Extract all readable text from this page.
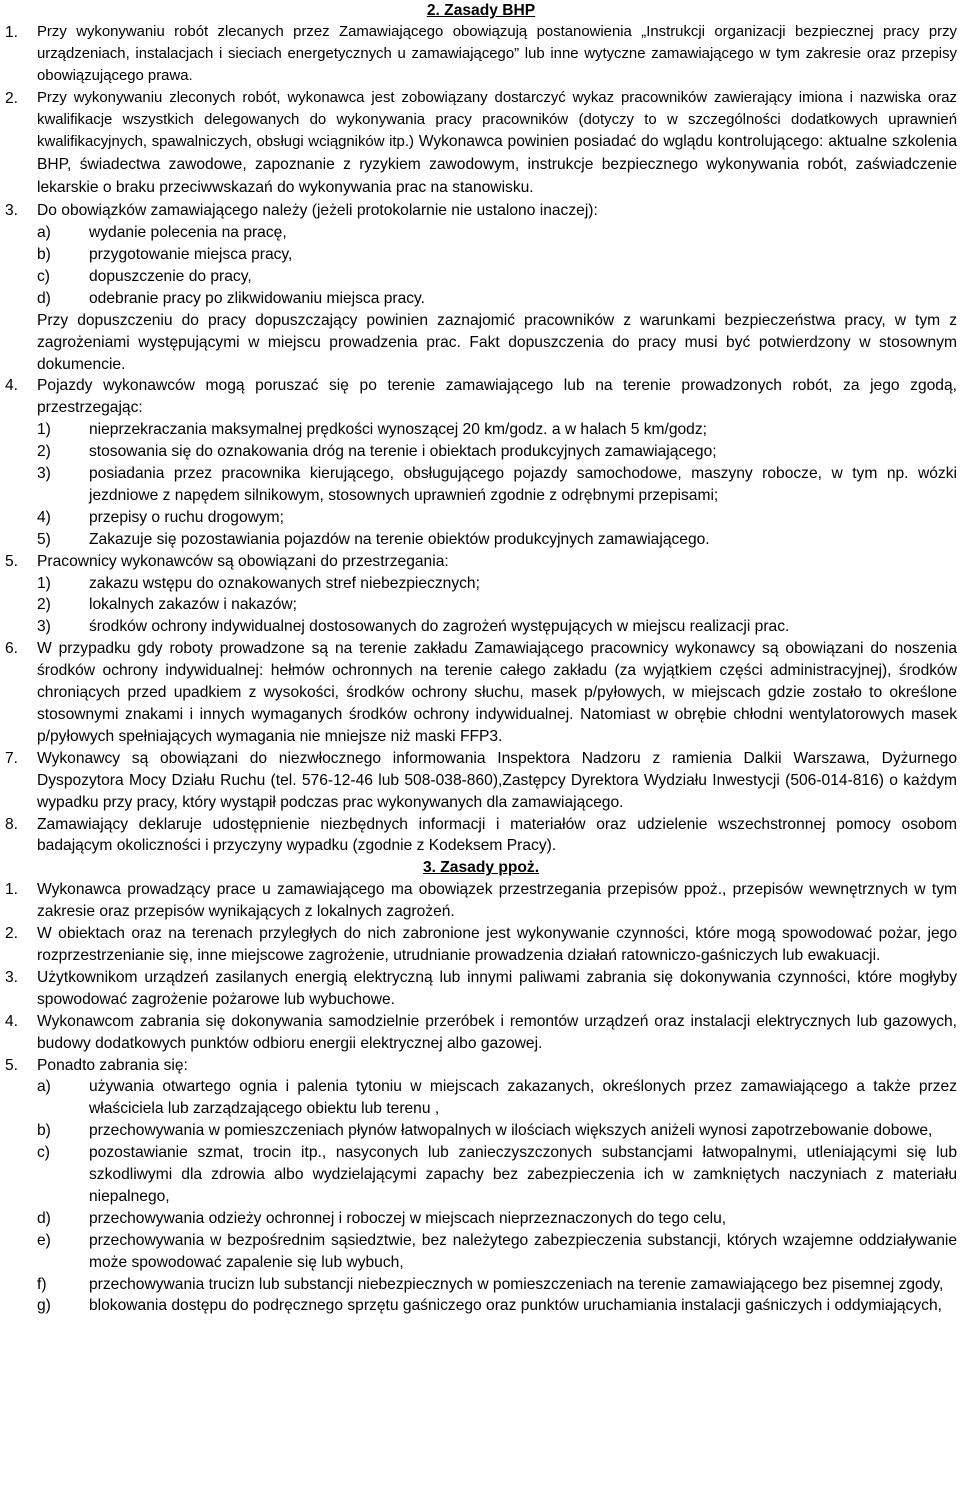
2. Zasady BHP
1. Przy wykonywaniu robót zlecanych przez Zamawiającego obowiązują postanowienia „Instrukcji organizacji bezpiecznej pracy przy urządzeniach, instalacjach i sieciach energetycznych u zamawiającego” lub inne wytyczne zamawiającego w tym zakresie oraz przepisy obowiązującego prawa.
2. Przy wykonywaniu zleconych robót, wykonawca jest zobowiązany dostarczyć wykaz pracowników zawierający imiona i nazwiska oraz kwalifikacje wszystkich delegowanych do wykonywania pracy pracowników (dotyczy to w szczególności dodatkowych uprawnień kwalifikacyjnych, spawalniczych, obsługi wciągników itp.) Wykonawca powinien posiadać do wglądu kontrolującego: aktualne szkolenia BHP, świadectwa zawodowe, zapoznanie z ryzykiem zawodowym, instrukcje bezpiecznego wykonywania robót, zaświadczenie lekarskie o braku przeciwwskazań do wykonywania prac na stanowisku.
3. Do obowiązków zamawiającego należy (jeżeli protokolarnie nie ustalono inaczej):
a) wydanie polecenia na pracę,
b) przygotowanie miejsca pracy,
c)	dopuszczenie do pracy,
d) odebranie pracy po zlikwidowaniu miejsca pracy.
Przy dopuszczeniu do pracy dopuszczający powinien zaznajomić pracowników z warunkami bezpieczeństwa pracy, w tym z zagrożeniami występującymi w miejscu prowadzenia prac. Fakt dopuszczenia do pracy musi być potwierdzony w stosownym dokumencie.
4. Pojazdy wykonawców mogą poruszać się po terenie zamawiającego lub na terenie prowadzonych robót, za jego zgodą, przestrzegając:
1) nieprzekraczania maksymalnej prędkości wynoszącej 20 km/godz. a w halach 5 km/godz;
2) stosowania się do oznakowania dróg na terenie i obiektach produkcyjnych zamawiającego;
3) posiadania przez pracownika kierującego, obsługującego pojazdy samochodowe, maszyny robocze, w tym np. wózki jezdniowe z napędem silnikowym, stosownych uprawnień zgodnie z odrębnymi przepisami;
4) przepisy o ruchu drogowym;
5) Zakazuje się pozostawiania pojazdów na terenie obiektów produkcyjnych zamawiającego.
5. Pracownicy wykonawców są obowiązani do przestrzegania:
1) zakazu wstępu do oznakowanych stref niebezpiecznych;
2) lokalnych zakazów i nakazów;
3) środków ochrony indywidualnej dostosowanych do zagrożeń występujących w miejscu realizacji prac.
6. W przypadku gdy roboty prowadzone są na terenie zakładu Zamawiającego pracownicy wykonawcy są obowiązani do noszenia środków ochrony indywidualnej: hełmów ochronnych na terenie całego zakładu (za wyjątkiem części administracyjnej), środków chroniących przed upadkiem z wysokości, środków ochrony słuchu, masek p/pyłowych, w miejscach gdzie zostało to określone stosownymi znakami i innych wymaganych środków ochrony indywidualnej. Natomiast w obrębie chłodni wentylatorowych masek p/pyłowych spełniających wymagania nie mniejsze niż maski FFP3.
7. Wykonawcy są obowiązani do niezwłocznego informowania Inspektora Nadzoru z ramienia Dalkii Warszawa, Dyżurnego Dyspozytora Mocy Działu Ruchu (tel. 576-12-46 lub 508-038-860),Zastępcy Dyrektora Wydziału Inwestycji (506-014-816) o każdym wypadku przy pracy, który wystąpił podczas prac wykonywanych dla zamawiającego.
8. Zamawiający deklaruje udostępnienie niezbędnych informacji i materiałów oraz udzielenie wszechstronnej pomocy osobom badającym okoliczności i przyczyny wypadku (zgodnie z Kodeksem Pracy).
3. Zasady ppoż.
1. Wykonawca prowadzący prace u zamawiającego ma obowiązek przestrzegania przepisów ppoż., przepisów wewnętrznych w tym zakresie oraz przepisów wynikających z lokalnych zagrożeń.
2. W obiektach oraz na terenach przyległych do nich zabronione jest wykonywanie czynności, które mogą spowodować pożar, jego rozprzestrzenianie się, inne miejscowe zagrożenie, utrudnianie prowadzenia działań ratowniczo-gaśniczych lub ewakuacji.
3. Użytkownikom urządzeń zasilanych energią elektryczną lub innymi paliwami zabrania się dokonywania czynności, które mogłyby spowodować zagrożenie pożarowe lub wybuchowe.
4. Wykonawcom zabrania się dokonywania samodzielnie przeróbek i remontów urządzeń oraz instalacji elektrycznych lub gazowych, budowy dodatkowych punktów odbioru energii elektrycznej albo gazowej.
5. Ponadto zabrania się:
a) używania otwartego ognia i palenia tytoniu w miejscach zakazanych, określonych przez zamawiającego a także przez właściciela lub zarządzającego obiektu lub terenu ,
b) przechowywania w pomieszczeniach płynów łatwopalnych w ilościach większych aniżeli wynosi zapotrzebowanie dobowe,
c)	pozostawianie szmat, trocin itp., nasyconych lub zanieczyszczonych substancjami łatwopalnymi, utleniającymi się lub szkodliwymi dla zdrowia albo wydzielającymi zapachy bez zabezpieczenia ich w zamkniętych naczyniach z materiału niepalnego,
d) przechowywania odzieży ochronnej i roboczej w miejscach nieprzeznaczonych do tego celu,
e) przechowywania w bezpośrednim sąsiedztwie, bez należytego zabezpieczenia substancji, których wzajemne oddziaływanie może spowodować zapalenie się lub wybuch,
f)	przechowywania trucizn lub substancji niebezpiecznych w pomieszczeniach na terenie zamawiającego bez pisemnej zgody,
g) blokowania dostępu do podręcznego sprzętu gaśniczego oraz punktów uruchamiania instalacji gaśniczych i oddymiających,
